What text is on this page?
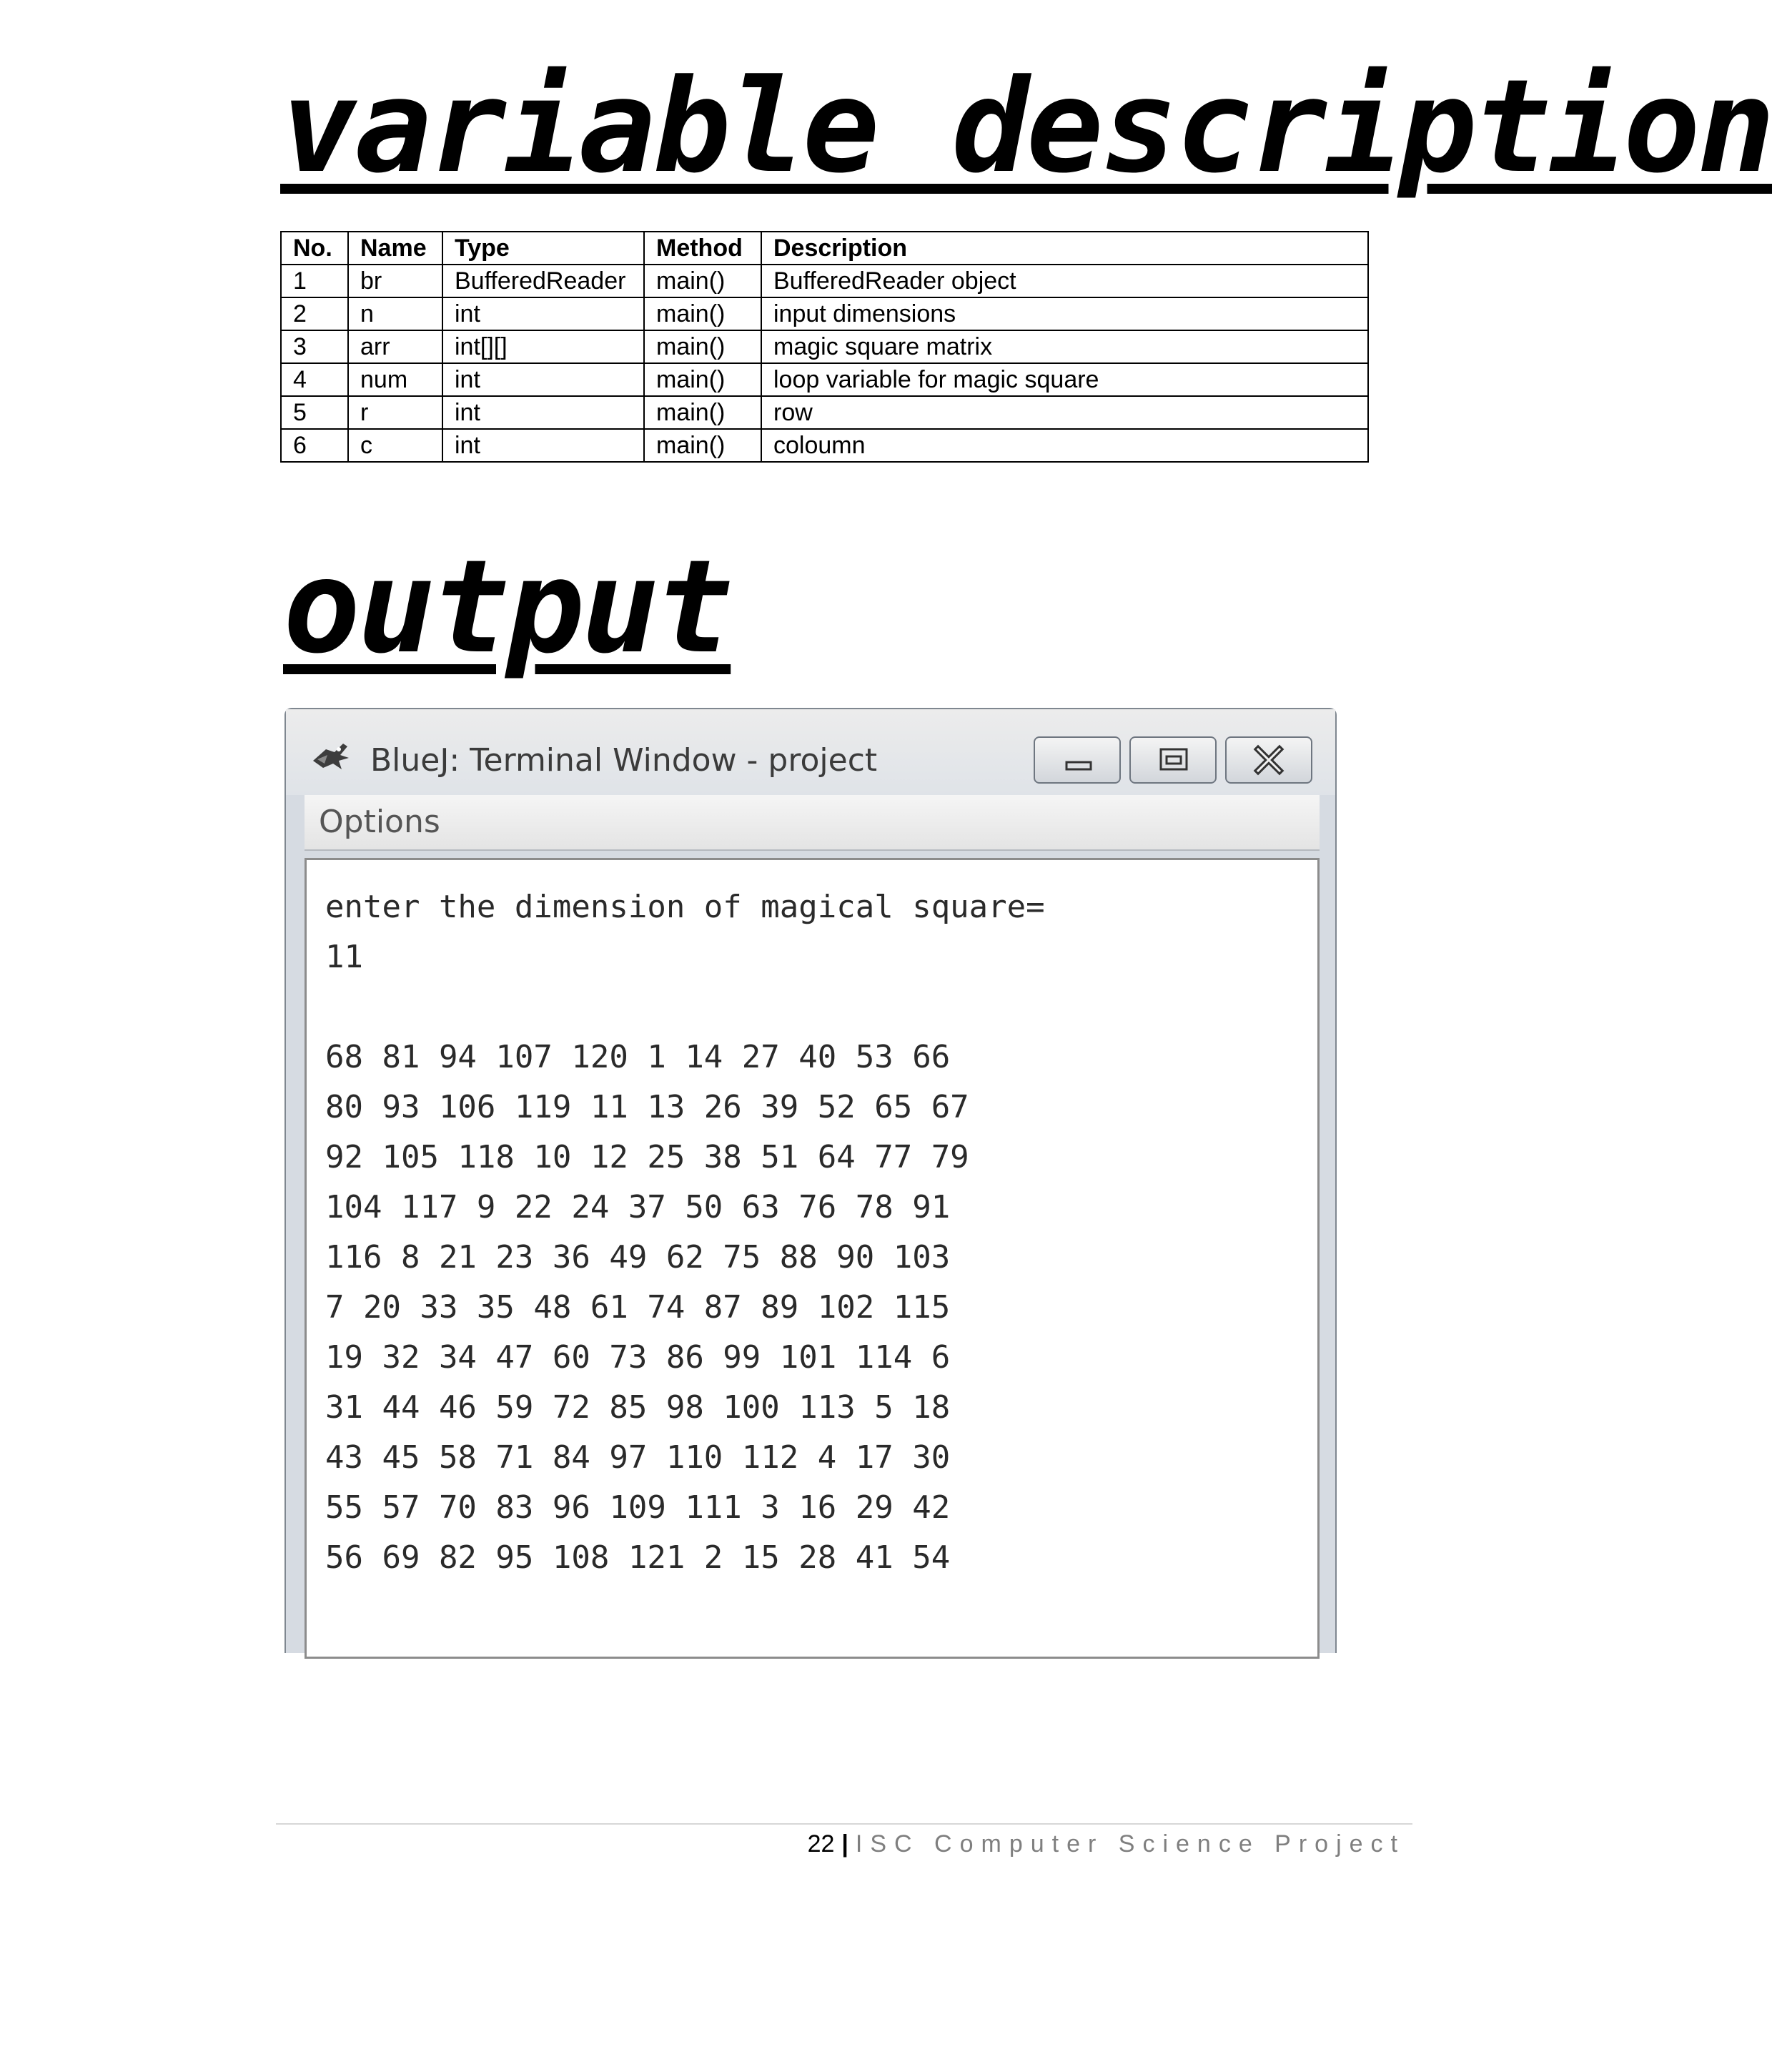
variable description
No.	Name	Type	Method	Description
1	br	BufferedReader	main()	BufferedReader object
2	n	int	main()	input dimensions
3	arr	int[][]	main()	magic square matrix
4	num	int	main()	loop variable for magic square
5	r	int	main()	row
6	c	int	main()	coloumn
output
BlueJ: Terminal Window - project
Options
enter the dimension of magical square=
11
68 81 94 107 120 1 14 27 40 53 66
80 93 106 119 11 13 26 39 52 65 67
92 105 118 10 12 25 38 51 64 77 79
104 117 9 22 24 37 50 63 76 78 91
116 8 21 23 36 49 62 75 88 90 103
7 20 33 35 48 61 74 87 89 102 115
19 32 34 47 60 73 86 99 101 114 6
31 44 46 59 72 85 98 100 113 5 18
43 45 58 71 84 97 110 112 4 17 30
55 57 70 83 96 109 111 3 16 29 42
56 69 82 95 108 121 2 15 28 41 54
22 | ISC Computer Science Project
